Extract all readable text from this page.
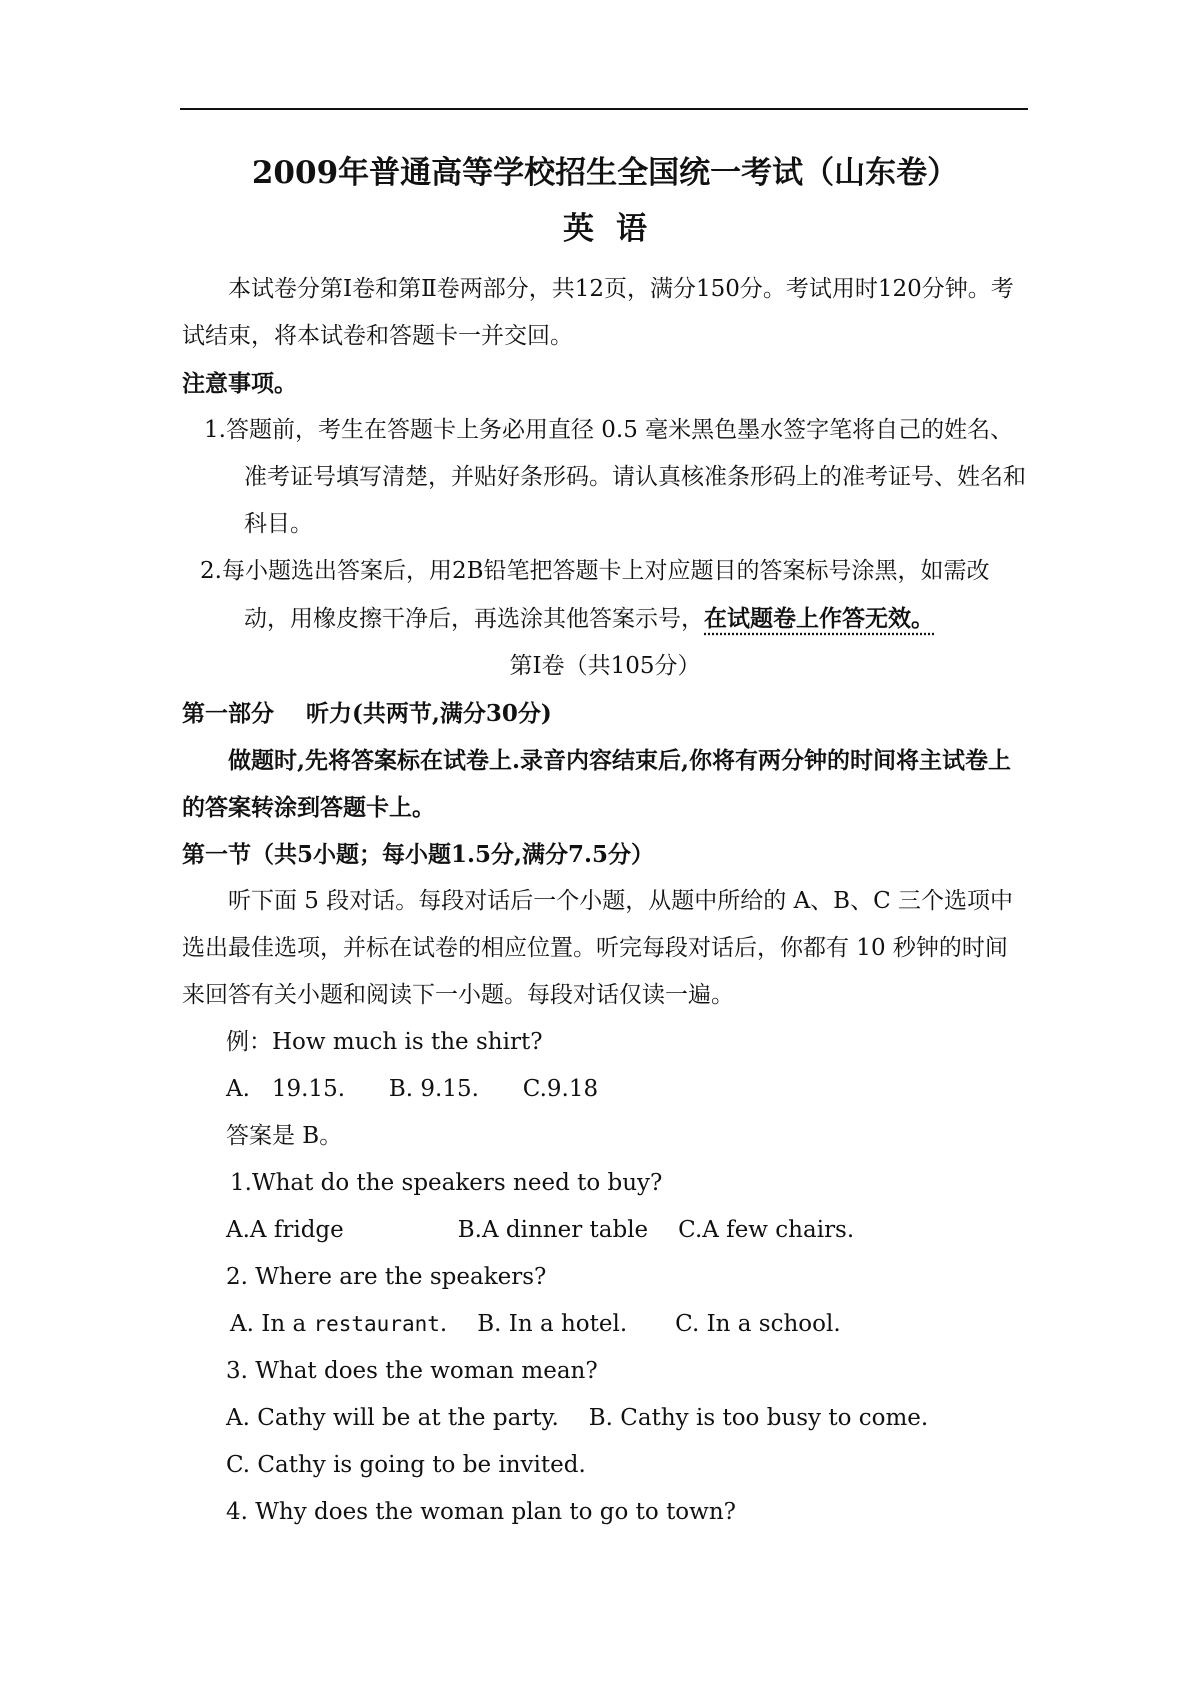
2009年普通高等学校招生全国统一考试（山东卷）
英语

本试卷分第Ⅰ卷和第Ⅱ卷两部分，共12页，满分150分。考试用时120分钟。考试结束，将本试卷和答题卡一并交回。

注意事项。

1.答题前，考生在答题卡上务必用直径 0.5 毫米黑色墨水签字笔将自己的姓名、准考证号填写清楚，并贴好条形码。请认真核准条形码上的准考证号、姓名和科目。

2.每小题选出答案后，用2B铅笔把答题卡上对应题目的答案标号涂黑，如需改动，用橡皮擦干净后，再选涂其他答案示号，在试题卷上作答无效。

第Ⅰ卷（共105分）

第一部分    听力(共两节,满分30分)

做题时,先将答案标在试卷上.录音内容结束后,你将有两分钟的时间将主试卷上的答案转涂到答题卡上。

第一节（共5小题；每小题1.5分,满分7.5分）

听下面 5 段对话。每段对话后一个小题，从题中所给的 A、B、C 三个选项中选出最佳选项，并标在试卷的相应位置。听完每段对话后，你都有 10 秒钟的时间来回答有关小题和阅读下一小题。每段对话仅读一遍。

例：How much is the shirt?

A.   19.15.      B. 9.15.      C.9.18

答案是 B。

1.What do the speakers need to buy?

A.A fridge	B.A dinner table C.A few chairs.

2. Where are the speakers?

A. In a restaurant. B. In a hotel. C. In a school.

3. What does the woman mean?

A. Cathy will be at the party. B. Cathy is too busy to come.

C. Cathy is going to be invited.

4. Why does the woman plan to go to town?
